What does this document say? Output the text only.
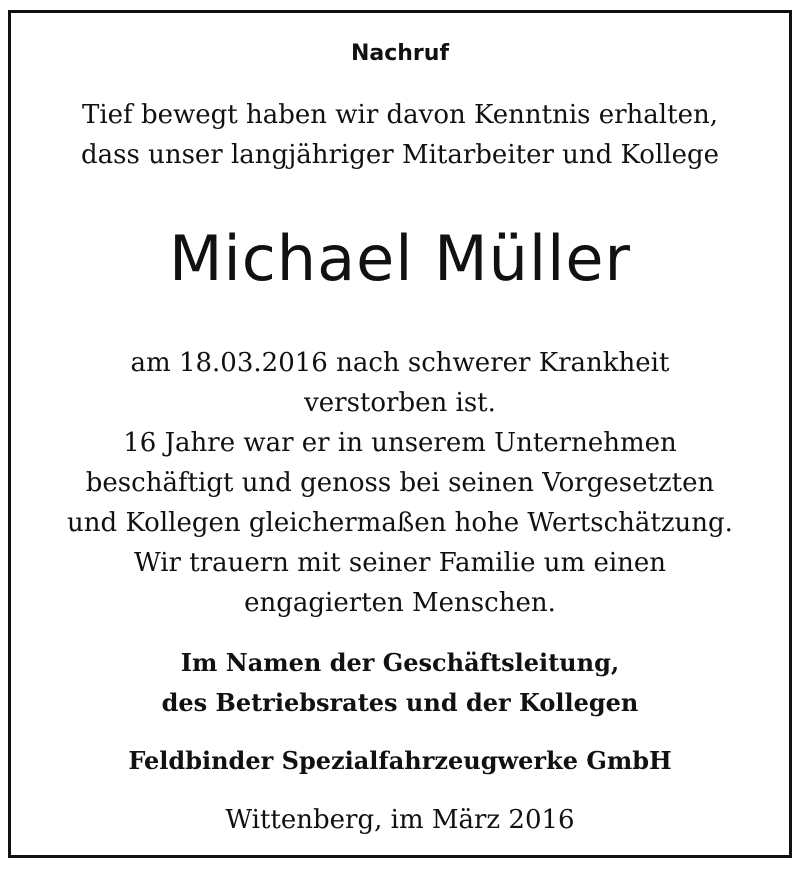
Nachruf
Tief bewegt haben wir davon Kenntnis erhalten,
dass unser langjähriger Mitarbeiter und Kollege
Michael Müller
am 18.03.2016 nach schwerer Krankheit
verstorben ist.
16 Jahre war er in unserem Unternehmen
beschäftigt und genoss bei seinen Vorgesetzten
und Kollegen gleichermaßen hohe Wertschätzung.
Wir trauern mit seiner Familie um einen
engagierten Menschen.
Im Namen der Geschäftsleitung,
des Betriebsrates und der Kollegen
Feldbinder Spezialfahrzeugwerke GmbH
Wittenberg, im März 2016
